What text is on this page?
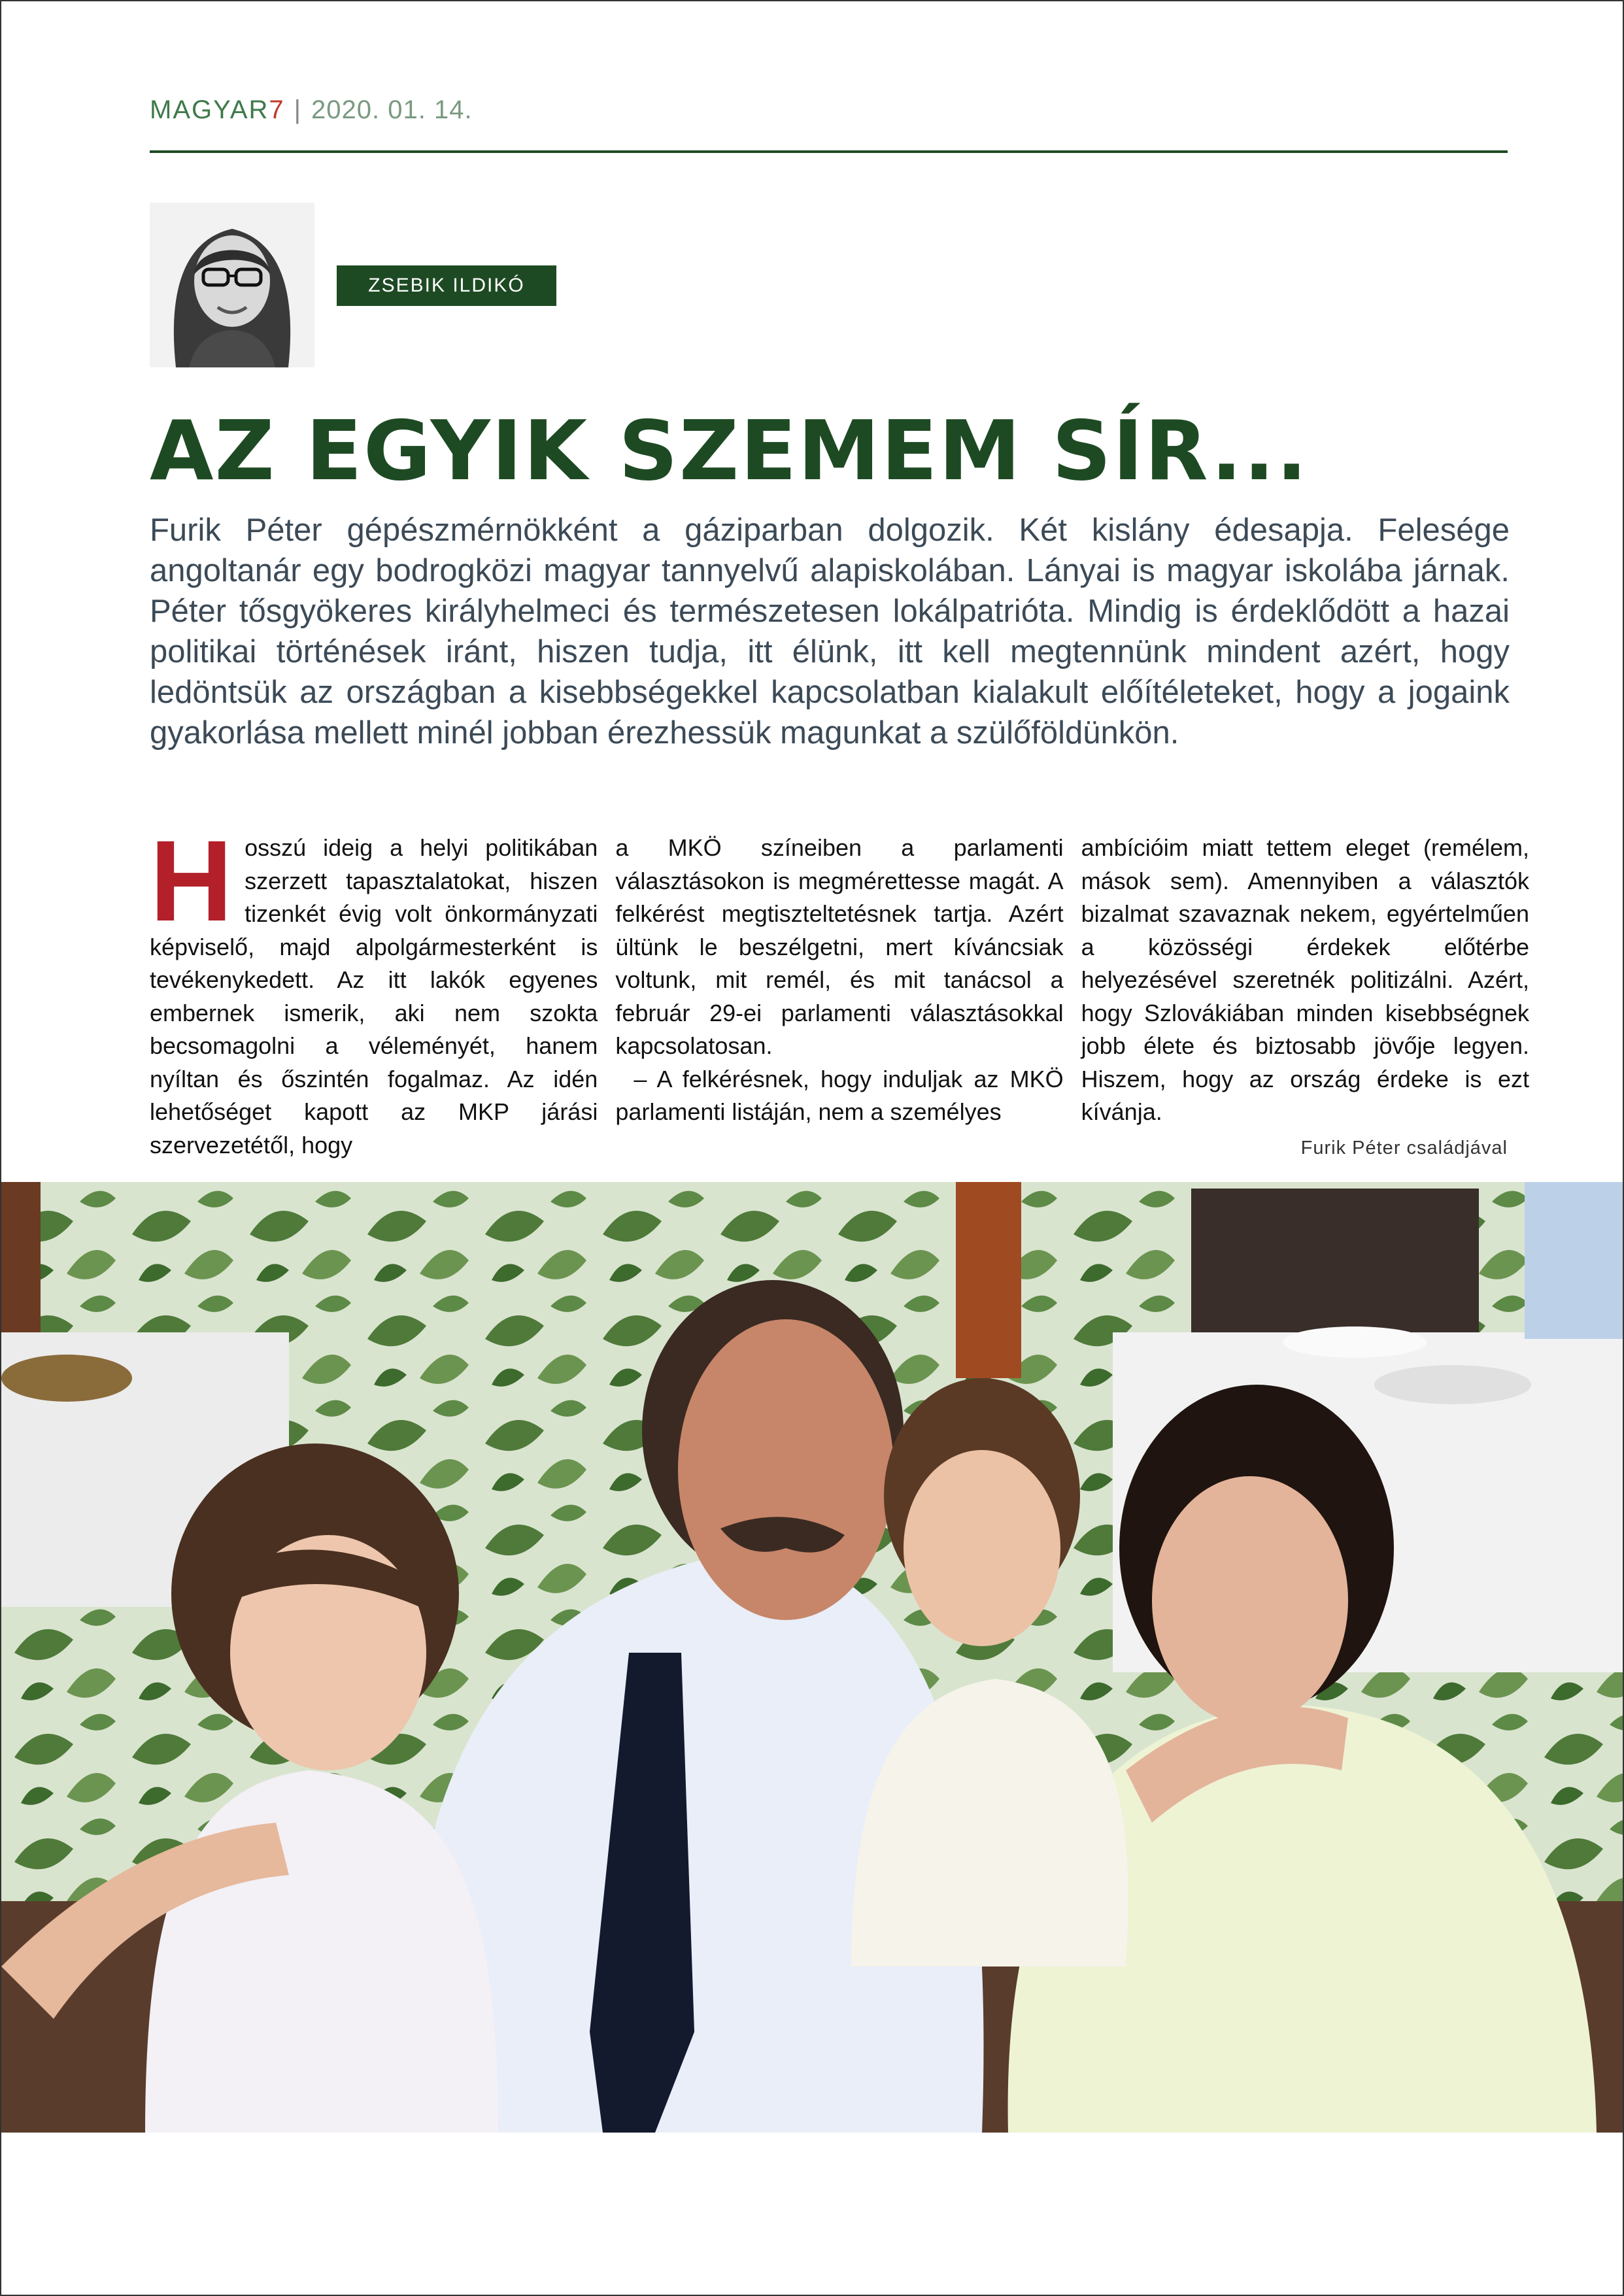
MAGYAR 7 | 2020. 01. 14.
ZSEBIK ILDIKÓ
AZ EGYIK SZEMEM SÍR...
Furik Péter gépészmérnökként a gáziparban dolgozik. Két kislány édesapja. Felesége angoltanár egy bodrogközi magyar tannyelvű alapiskolában. Lányai is magyar iskolába járnak. Péter tősgyökeres királyhelmeci és természetesen lokálpatrióta. Mindig is érdeklődött a hazai politikai történések iránt, hiszen tudja, itt élünk, itt kell megtennünk mindent azért, hogy ledöntsük az országban a kisebbségekkel kapcsolatban kialakult előítéleteket, hogy a jogaink gyakorlása mellett minél jobban érezhessük magunkat a szülőföldünkön.
H osszú ideig a helyi politikában szerzett tapasztalatokat, hiszen tizenkét évig volt önkormányzati képviselő, majd alpolgármesterként is tevékenykedett. Az itt lakók egyenes embernek ismerik, aki nem szokta becsomagolni a véleményét, hanem nyíltan és őszintén fogalmaz. Az idén lehetőséget kapott az MKP járási szervezetétől, hogy

a MKÖ színeiben a parlamenti választásokon is megmérettesse magát. A felkérést megtiszteltetésnek tartja. Azért ültünk le beszélgetni, mert kíváncsiak voltunk, mit remél, és mit tanácsol a február 29-ei parlamenti választásokkal kapcsolatosan.

– A felkérésnek, hogy induljak az MKÖ parlamenti listáján, nem a személyes

ambícióim miatt tettem eleget (remélem, mások sem). Amennyiben a választók bizalmat szavaznak nekem, egyértelműen a közösségi érdekek előtérbe helyezésével szeretnék politizálni. Azért, hogy Szlovákiában minden kisebbségnek jobb élete és biztosabb jövője legyen. Hiszem, hogy az ország érdeke is ezt kívánja.

Furik Péter családjával
